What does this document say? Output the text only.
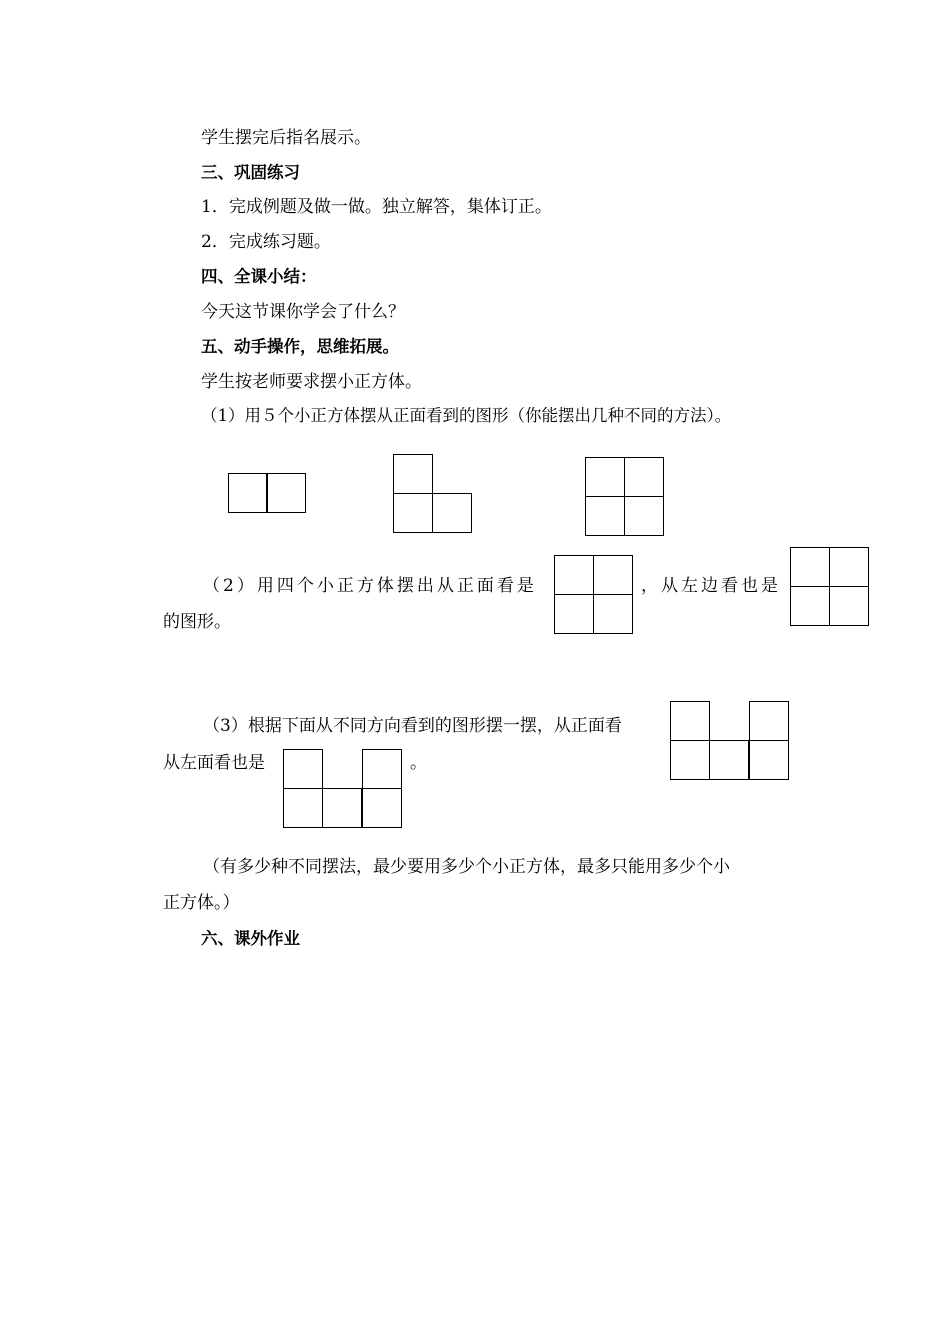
学生摆完后指名展示。
三、巩固练习
1．完成例题及做一做。独立解答，集体订正。
2．完成练习题。
四、全课小结：
今天这节课你学会了什么？
五、动手操作，思维拓展。
学生按老师要求摆小正方体。
（1）用５个小正方体摆从正面看到的图形（你能摆出几种不同的方法）。
（2）用四个小正方体摆出从正面看是	，从左边看也是
的图形。
（3）根据下面从不同方向看到的图形摆一摆，从正面看
从左面看也是	。
（有多少种不同摆法，最少要用多少个小正方体，最多只能用多少个小
正方体。）
六、课外作业
